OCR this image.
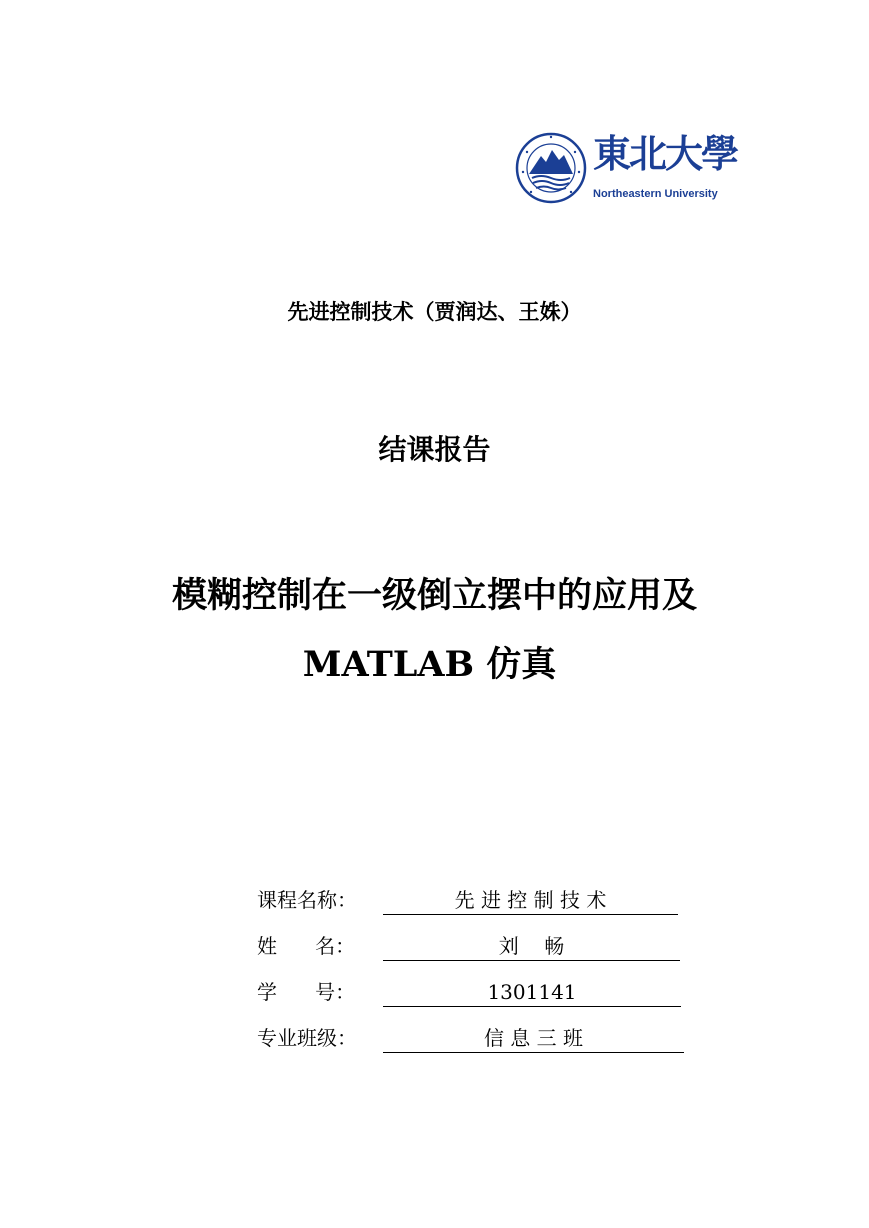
東北大學
Northeastern University
先进控制技术（贾润达、王姝）
结课报告
模糊控制在一级倒立摆中的应用及
MATLAB 仿真
课程名称：	先 进 控 制 技 术
姓      名：	刘    畅
学      号：	1301141
专业班级：	信 息 三 班
